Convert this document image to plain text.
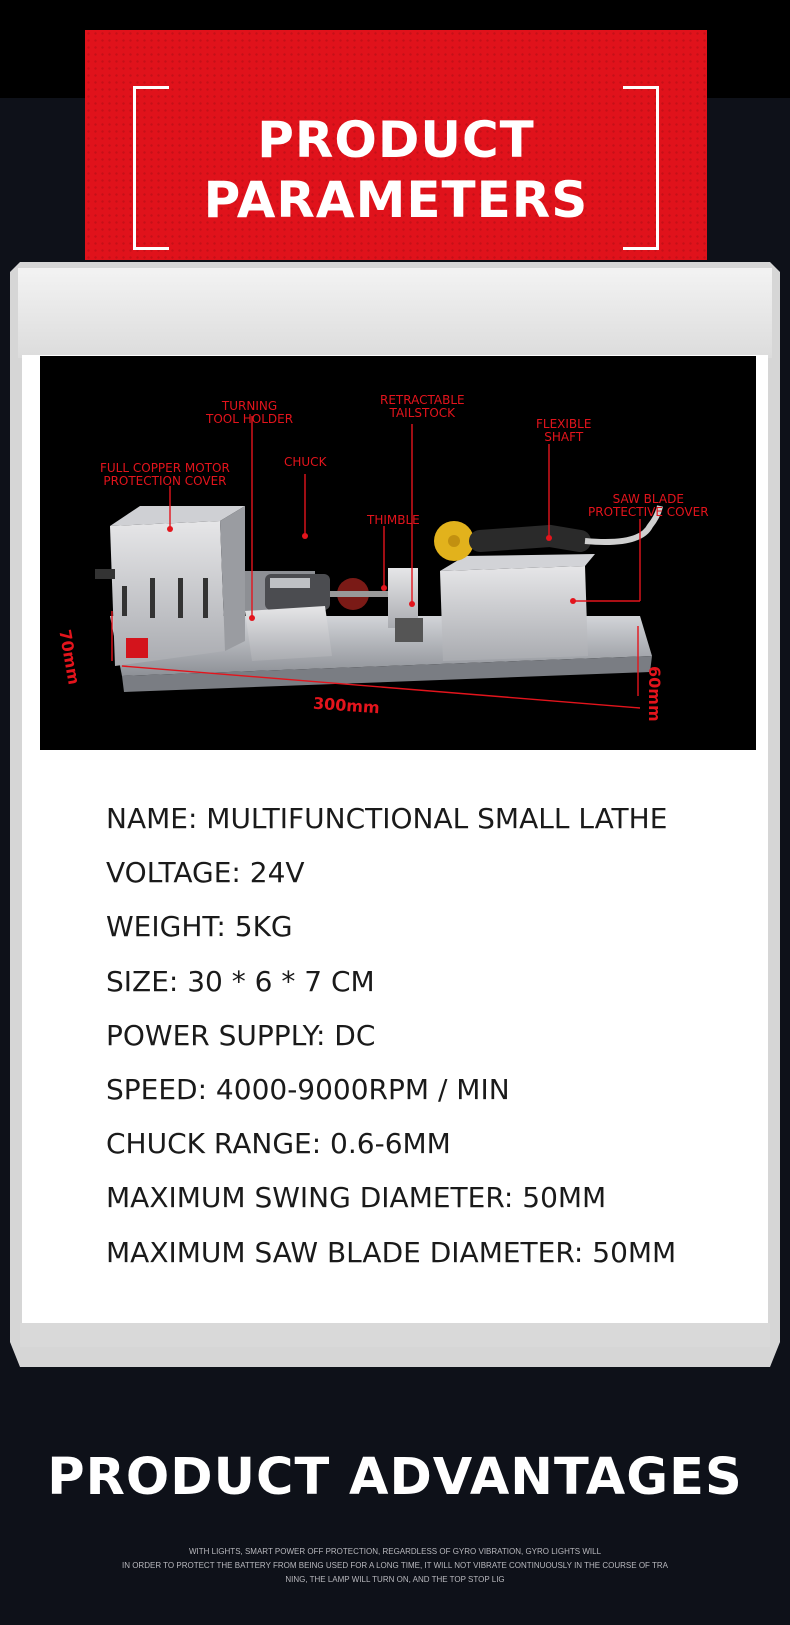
PRODUCT
PARAMETERS
TURNING
TOOL HOLDER
RETRACTABLE
TAILSTOCK
FLEXIBLE
SHAFT
FULL COPPER MOTOR
PROTECTION COVER
CHUCK
THIMBLE
SAW BLADE
PROTECTIVE COVER
70mm
300mm	60mm
NAME: MULTIFUNCTIONAL SMALL LATHE
VOLTAGE: 24V
WEIGHT: 5KG
SIZE: 30 * 6 * 7 CM
POWER SUPPLY: DC
SPEED: 4000-9000RPM / MIN
CHUCK RANGE: 0.6-6MM
MAXIMUM SWING DIAMETER: 50MM
MAXIMUM SAW BLADE DIAMETER: 50MM
PRODUCT ADVANTAGES
WITH LIGHTS, SMART POWER OFF PROTECTION, REGARDLESS OF GYRO VIBRATION, GYRO LIGHTS WILL
IN ORDER TO PROTECT THE BATTERY FROM BEING USED FOR A LONG TIME, IT WILL NOT VIBRATE CONTINUOUSLY IN THE COURSE OF TRA
NING, THE LAMP WILL TURN ON, AND THE TOP STOP LIG
